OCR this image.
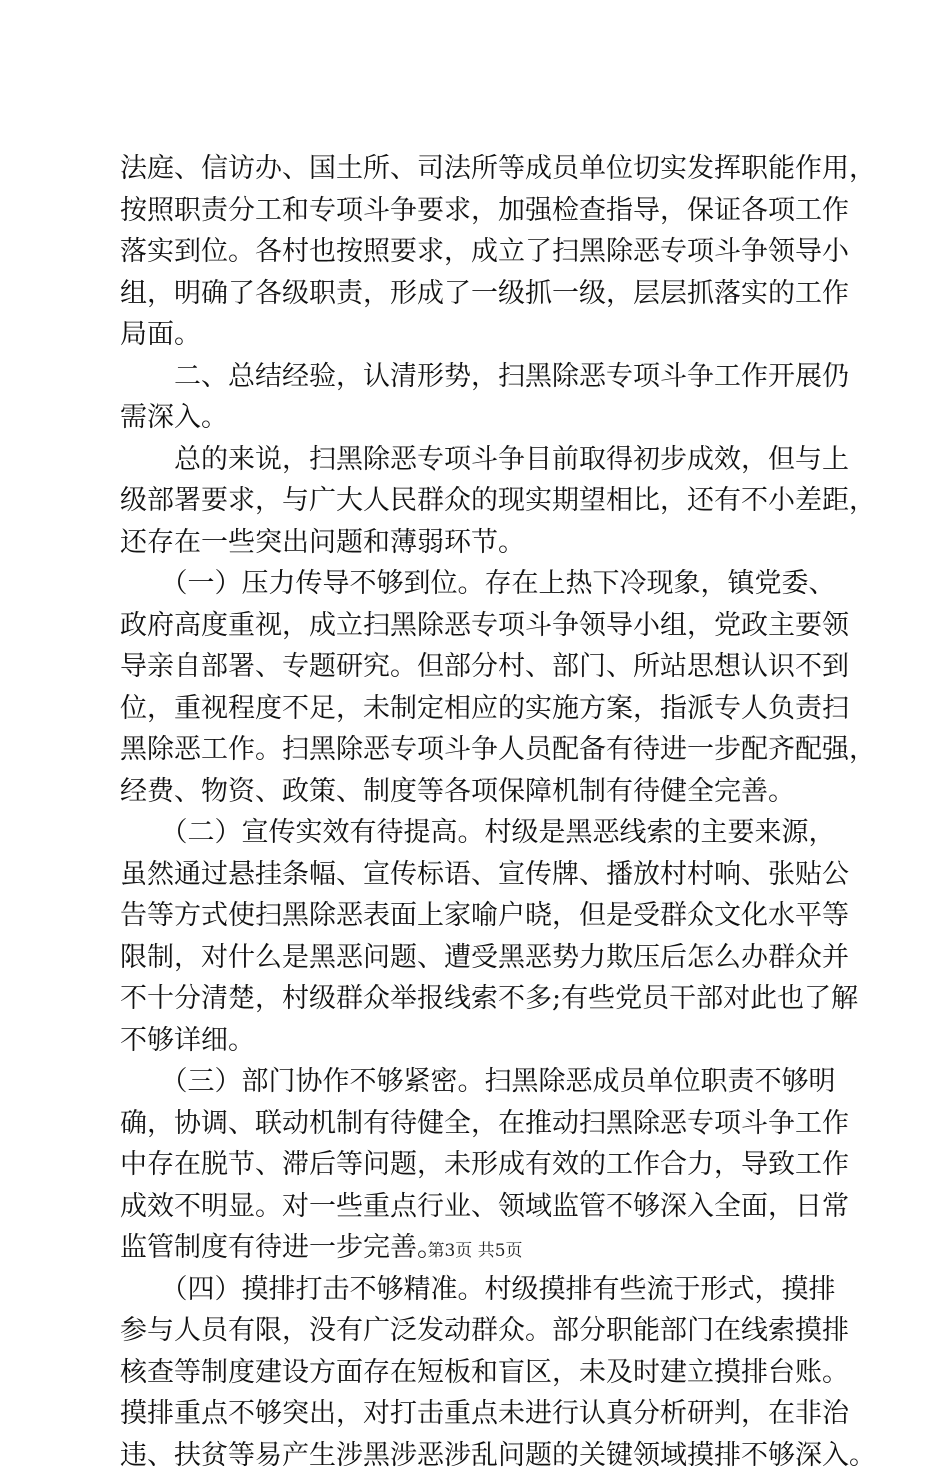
法庭、信访办、国土所、司法所等成员单位切实发挥职能作用，
按照职责分工和专项斗争要求，加强检查指导，保证各项工作
落实到位。各村也按照要求，成立了扫黑除恶专项斗争领导小
组，明确了各级职责，形成了一级抓一级，层层抓落实的工作
局面。
　　二、总结经验，认清形势，扫黑除恶专项斗争工作开展仍
需深入。
　　总的来说，扫黑除恶专项斗争目前取得初步成效，但与上
级部署要求，与广大人民群众的现实期望相比，还有不小差距，
还存在一些突出问题和薄弱环节。
　　（一）压力传导不够到位。存在上热下冷现象，镇党委、
政府高度重视，成立扫黑除恶专项斗争领导小组，党政主要领
导亲自部署、专题研究。但部分村、部门、所站思想认识不到
位，重视程度不足，未制定相应的实施方案，指派专人负责扫
黑除恶工作。扫黑除恶专项斗争人员配备有待进一步配齐配强，
经费、物资、政策、制度等各项保障机制有待健全完善。
　　（二）宣传实效有待提高。村级是黑恶线索的主要来源，
虽然通过悬挂条幅、宣传标语、宣传牌、播放村村响、张贴公
告等方式使扫黑除恶表面上家喻户晓，但是受群众文化水平等
限制，对什么是黑恶问题、遭受黑恶势力欺压后怎么办群众并
不十分清楚，村级群众举报线索不多;有些党员干部对此也了解
不够详细。
　　（三）部门协作不够紧密。扫黑除恶成员单位职责不够明
确，协调、联动机制有待健全，在推动扫黑除恶专项斗争工作
中存在脱节、滞后等问题，未形成有效的工作合力，导致工作
成效不明显。对一些重点行业、领域监管不够深入全面，日常
监管制度有待进一步完善。
　　（四）摸排打击不够精准。村级摸排有些流于形式，摸排
参与人员有限，没有广泛发动群众。部分职能部门在线索摸排
核查等制度建设方面存在短板和盲区，未及时建立摸排台账。
摸排重点不够突出，对打击重点未进行认真分析研判，在非治
违、扶贫等易产生涉黑涉恶涉乱问题的关键领域摸排不够深入。
第3页 共5页
